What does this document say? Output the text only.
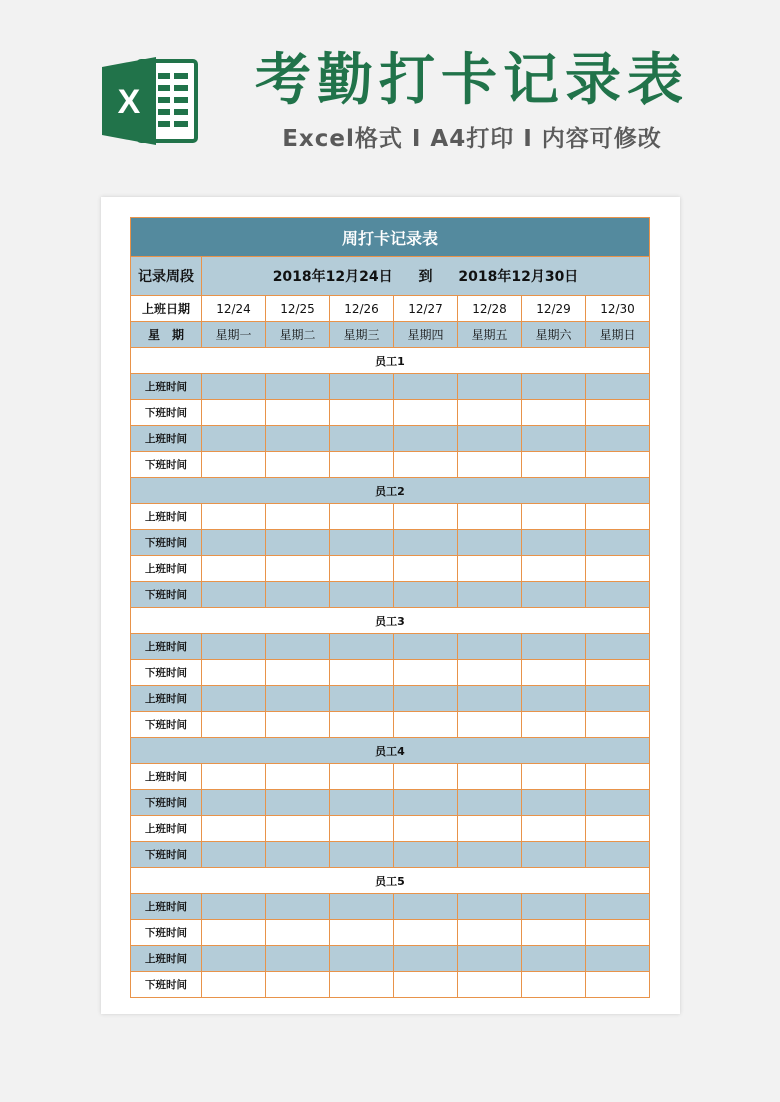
X	考勤打卡记录表
Excel格式 I A4打印 I 内容可修改
周打卡记录表							
记录周段	2018年12月24日 到 2018年12月30日						
上班日期	12/24	12/25	12/26	12/27	12/28	12/29	12/30
星　期	星期一	星期二	星期三	星期四	星期五	星期六	星期日
员工1							
上班时间							
下班时间							
上班时间							
下班时间							
员工2							
上班时间							
下班时间							
上班时间							
下班时间							
员工3							
上班时间							
下班时间							
上班时间							
下班时间							
员工4							
上班时间							
下班时间							
上班时间							
下班时间							
员工5							
上班时间							
下班时间							
上班时间							
下班时间							
